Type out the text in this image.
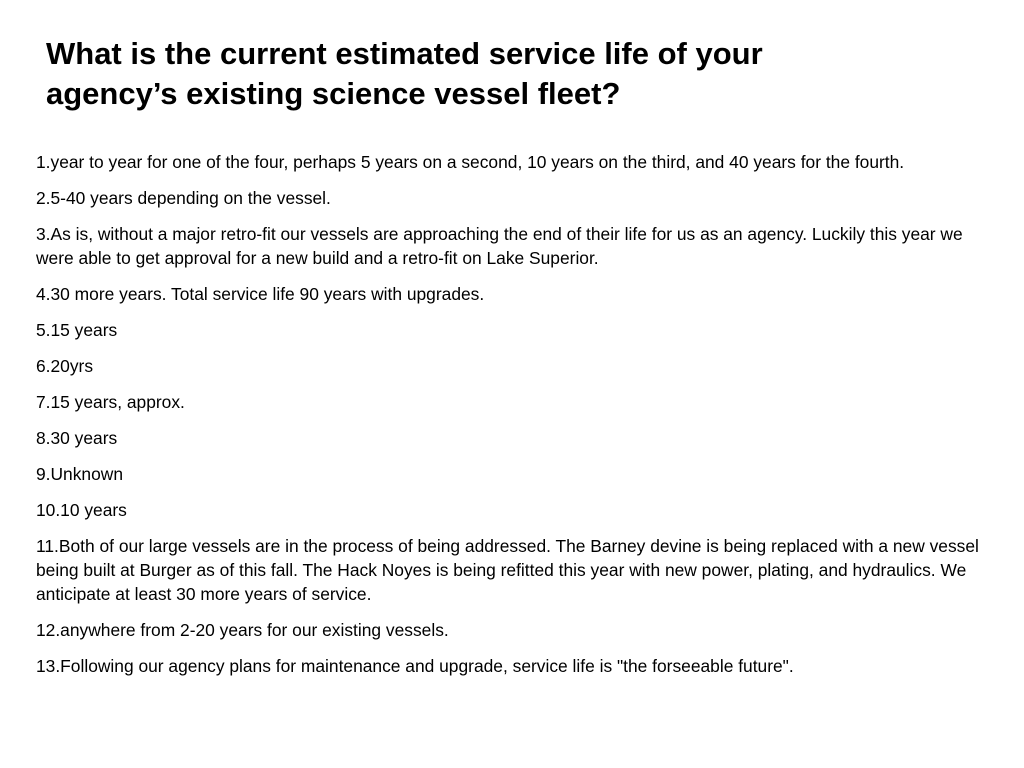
What is the current estimated service life of your
agency’s existing science vessel fleet?
1.year to year for one of the four, perhaps 5 years on a second, 10 years on the third, and 40 years for the fourth.
2.5-40 years depending on the vessel.
3.As is, without a major retro-fit our vessels are approaching the end of their life for us as an agency. Luckily this year we were able to get approval for a new build and a retro-fit on Lake Superior.
4.30 more years. Total service life 90 years with upgrades.
5.15 years
6.20yrs
7.15 years, approx.
8.30 years
9.Unknown
10.10 years
11.Both of our large vessels are in the process of being addressed. The Barney devine is being replaced with a new vessel being built at Burger as of this fall. The Hack Noyes is being refitted this year with new power, plating, and hydraulics. We anticipate at least 30 more years of service.
12.anywhere from 2-20 years for our existing vessels.
13.Following our agency plans for maintenance and upgrade, service life is "the forseeable future".
